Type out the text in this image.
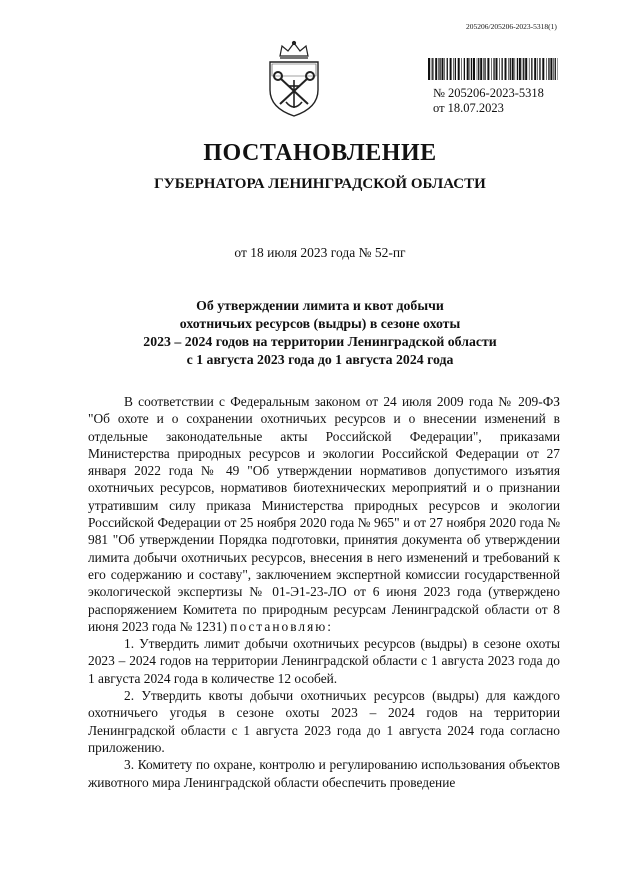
205206/205206-2023-5318(1)
№ 205206-2023-5318
от 18.07.2023
ПОСТАНОВЛЕНИЕ
ГУБЕРНАТОРА ЛЕНИНГРАДСКОЙ ОБЛАСТИ
от 18 июля 2023 года № 52-пг
Об утверждении лимита и квот добычи
охотничьих ресурсов (выдры) в сезоне охоты
2023 – 2024 годов на территории Ленинградской области
с 1 августа 2023 года до 1 августа 2024 года

В соответствии с Федеральным законом от 24 июля 2009 года № 209-ФЗ "Об охоте и о сохранении охотничьих ресурсов и о внесении изменений в отдельные законодательные акты Российской Федерации", приказами Министерства природных ресурсов и экологии Российской Федерации от 27 января 2022 года № 49 "Об утверждении нормативов допустимого изъятия охотничьих ресурсов, нормативов биотехнических мероприятий и о признании утратившим силу приказа Министерства природных ресурсов и экологии Российской Федерации от 25 ноября 2020 года № 965" и от 27 ноября 2020 года № 981 "Об утверждении Порядка подготовки, принятия документа об утверждении лимита добычи охотничьих ресурсов, внесения в него изменений и требований к его содержанию и составу", заключением экспертной комиссии государственной экологической экспертизы № 01-Э1-23-ЛО от 6 июня 2023 года (утверждено распоряжением Комитета по природным ресурсам Ленинградской области от 8 июня 2023 года № 1231) постановляю:

1. Утвердить лимит добычи охотничьих ресурсов (выдры) в сезоне охоты 2023 – 2024 годов на территории Ленинградской области с 1 августа 2023 года до 1 августа 2024 года в количестве 12 особей.

2. Утвердить квоты добычи охотничьих ресурсов (выдры) для каждого охотничьего угодья в сезоне охоты 2023 – 2024 годов на территории Ленинградской области с 1 августа 2023 года до 1 августа 2024 года согласно приложению.

3. Комитету по охране, контролю и регулированию использования объектов животного мира Ленинградской области обеспечить проведение
